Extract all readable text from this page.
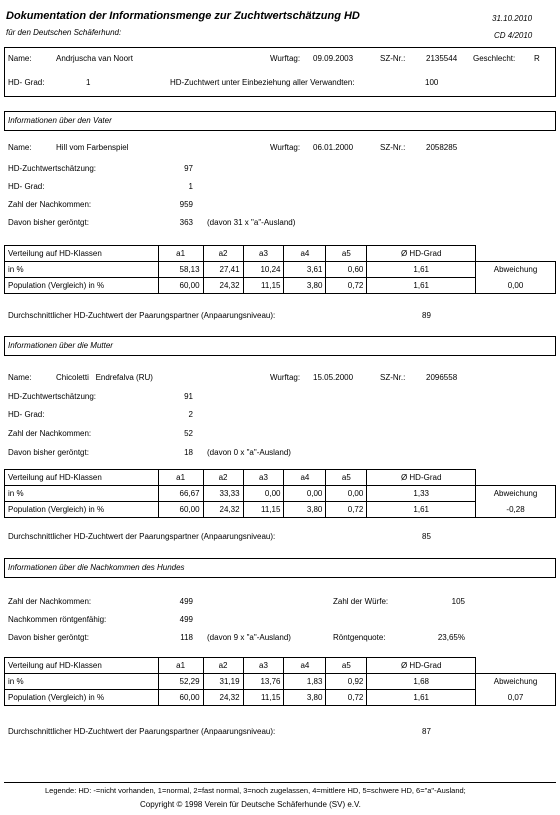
Dokumentation der Informationsmenge zur Zuchtwertschätzung HD
für den Deutschen Schäferhund:
31.10.2010
CD 4/2010
Name:	Andrjuscha van Noort	Wurftag: 09.09.2003	SZ-Nr.:	2135544 Geschlecht: R
HD- Grad:	1	HD-Zuchtwert unter Einbeziehung aller Verwandten:	100
Informationen über den Vater
Name:	Hill vom Farbenspiel	Wurftag: 06.01.2000	SZ-Nr.:	2058285
HD-Zuchtwertschätzung:	97
HD- Grad:	1
Zahl der Nachkommen:	959
Davon bisher geröntgt:	363 (davon 31 x "a"-Ausland)
Verteilung auf HD-Klassen	a1	a2	a3	a4	a5	Ø HD-Grad	
in %	58,13	27,41	10,24	3,61	0,60	1,61	Abweichung
Population (Vergleich) in %	60,00	24,32	11,15	3,80	0,72	1,61	0,00
Durchschnittlicher HD-Zuchtwert der Paarungspartner (Anpaarungsniveau):	89
Informationen über die Mutter
Name:	Chicoletti   Endrefalva (RU)	Wurftag: 15.05.2000	SZ-Nr.:	2096558
HD-Zuchtwertschätzung:	91
HD- Grad:	2
Zahl der Nachkommen:	52
Davon bisher geröntgt:	18 (davon 0 x "a"-Ausland)
Verteilung auf HD-Klassen	a1	a2	a3	a4	a5	Ø HD-Grad	
in %	66,67	33,33	0,00	0,00	0,00	1,33	Abweichung
Population (Vergleich) in %	60,00	24,32	11,15	3,80	0,72	1,61	-0,28
Durchschnittlicher HD-Zuchtwert der Paarungspartner (Anpaarungsniveau):	85
Informationen über die Nachkommen des Hundes
Zahl der Nachkommen:	499	Zahl der Würfe:	105
Nachkommen röntgenfähig:	499
Davon bisher geröntgt:	118 (davon 9 x "a"-Ausland)	Röntgenquote:	23,65%
Verteilung auf HD-Klassen	a1	a2	a3	a4	a5	Ø HD-Grad	
in %	52,29	31,19	13,76	1,83	0,92	1,68	Abweichung
Population (Vergleich) in %	60,00	24,32	11,15	3,80	0,72	1,61	0,07
Durchschnittlicher HD-Zuchtwert der Paarungspartner (Anpaarungsniveau):	87
Legende: HD: -=nicht vorhanden, 1=normal, 2=fast normal, 3=noch zugelassen, 4=mittlere HD, 5=schwere HD, 6="a"-Ausland;
Copyright © 1998 Verein für Deutsche Schäferhunde (SV) e.V.
